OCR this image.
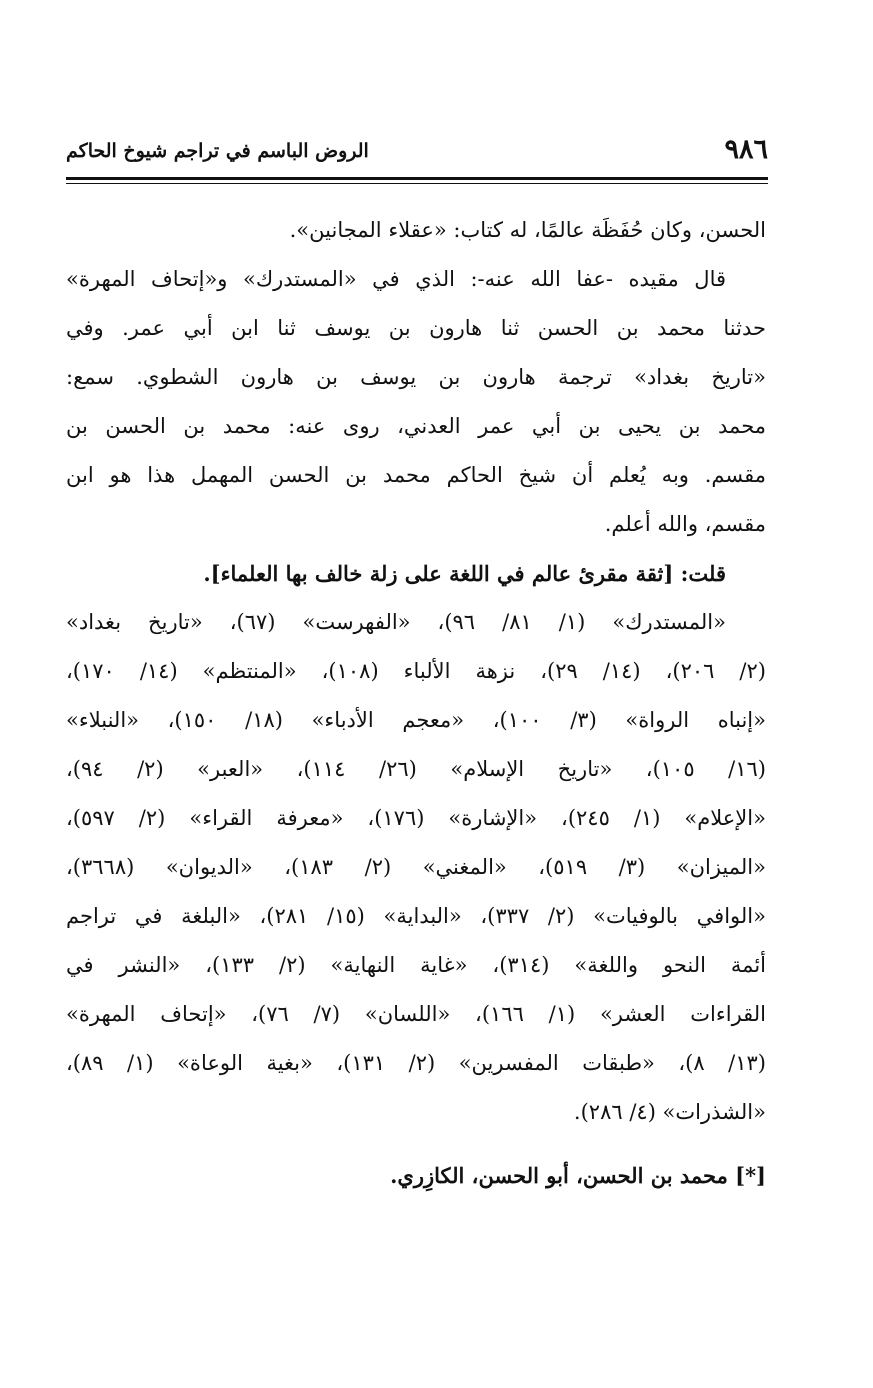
٩٨٦
الروض الباسم في تراجم شيوخ الحاكم
الحسن، وكان حُفَظَة عالمًا، له كتاب: «عقلاء المجانين».
قال مقيده -عفا الله عنه-: الذي في «المستدرك» و«إتحاف المهرة»
حدثنا محمد بن الحسن ثنا هارون بن يوسف ثنا ابن أبي عمر. وفي
«تاريخ بغداد» ترجمة هارون بن يوسف بن هارون الشطوي. سمع:
محمد بن يحيى بن أبي عمر العدني، روى عنه: محمد بن الحسن بن
مقسم. وبه يُعلم أن شيخ الحاكم محمد بن الحسن المهمل هذا هو ابن
مقسم، والله أعلم.
قلت: [ثقة مقرئ عالم في اللغة على زلة خالف بها العلماء].
«المستدرك» (١/ ٨١/ ٩٦)، «الفهرست» (٦٧)، «تاريخ بغداد»
(٢/ ٢٠٦)، (١٤/ ٢٩)، نزهة الألباء (١٠٨)، «المنتظم» (١٤/ ١٧٠)،
«إنباه الرواة» (٣/ ١٠٠)، «معجم الأدباء» (١٨/ ١٥٠)، «النبلاء»
(١٦/ ١٠٥)، «تاريخ الإسلام» (٢٦/ ١١٤)، «العبر» (٢/ ٩٤)،
«الإعلام» (١/ ٢٤٥)، «الإشارة» (١٧٦)، «معرفة القراء» (٢/ ٥٩٧)،
«الميزان» (٣/ ٥١٩)، «المغني» (٢/ ١٨٣)، «الديوان» (٣٦٦٨)،
«الوافي بالوفيات» (٢/ ٣٣٧)، «البداية» (١٥/ ٢٨١)، «البلغة في تراجم
أئمة النحو واللغة» (٣١٤)، «غاية النهاية» (٢/ ١٣٣)، «النشر في
القراءات العشر» (١/ ١٦٦)، «اللسان» (٧/ ٧٦)، «إتحاف المهرة»
(١٣/ ٨)، «طبقات المفسرين» (٢/ ١٣١)، «بغية الوعاة» (١/ ٨٩)،
«الشذرات» (٤/ ٢٨٦).
[*] محمد بن الحسن، أبو الحسن، الكازِري.
